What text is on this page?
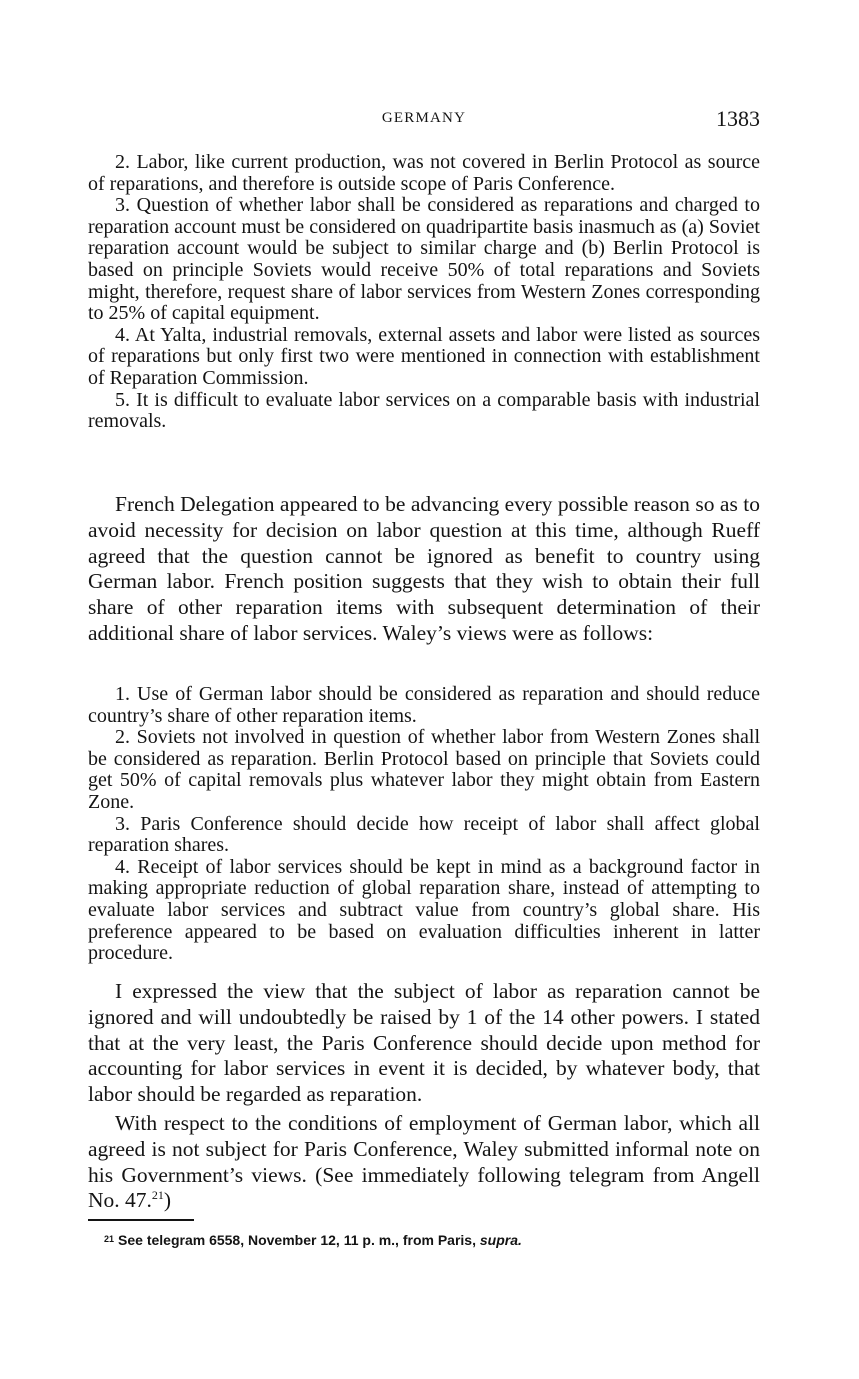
GERMANY	1383

2. Labor, like current production, was not covered in Berlin Protocol as source of reparations, and therefore is outside scope of Paris Conference.

3. Question of whether labor shall be considered as reparations and charged to reparation account must be considered on quadripartite basis inasmuch as (a) Soviet reparation account would be subject to similar charge and (b) Berlin Protocol is based on principle Soviets would receive 50% of total reparations and Soviets might, therefore, request share of labor services from Western Zones corresponding to 25% of capital equipment.

4. At Yalta, industrial removals, external assets and labor were listed as sources of reparations but only first two were mentioned in connection with establishment of Reparation Commission.

5. It is difficult to evaluate labor services on a comparable basis with industrial removals.

French Delegation appeared to be advancing every possible reason so as to avoid necessity for decision on labor question at this time, although Rueff agreed that the question cannot be ignored as benefit to country using German labor. French position suggests that they wish to obtain their full share of other reparation items with subsequent determination of their additional share of labor services. Waley’s views were as follows:

1. Use of German labor should be considered as reparation and should reduce country’s share of other reparation items.

2. Soviets not involved in question of whether labor from Western Zones shall be considered as reparation. Berlin Protocol based on principle that Soviets could get 50% of capital removals plus whatever labor they might obtain from Eastern Zone.

3. Paris Conference should decide how receipt of labor shall affect global reparation shares.

4. Receipt of labor services should be kept in mind as a background factor in making appropriate reduction of global reparation share, instead of attempting to evaluate labor services and subtract value from country’s global share. His preference appeared to be based on evaluation difficulties inherent in latter procedure.

I expressed the view that the subject of labor as reparation cannot be ignored and will undoubtedly be raised by 1 of the 14 other powers. I stated that at the very least, the Paris Conference should decide upon method for accounting for labor services in event it is decided, by whatever body, that labor should be regarded as reparation.

With respect to the conditions of employment of German labor, which all agreed is not subject for Paris Conference, Waley submitted informal note on his Government’s views. (See immediately following telegram from Angell No. 47.21)

$^{21}$ See telegram 6558, November 12, 11 p. m., from Paris, supra.
